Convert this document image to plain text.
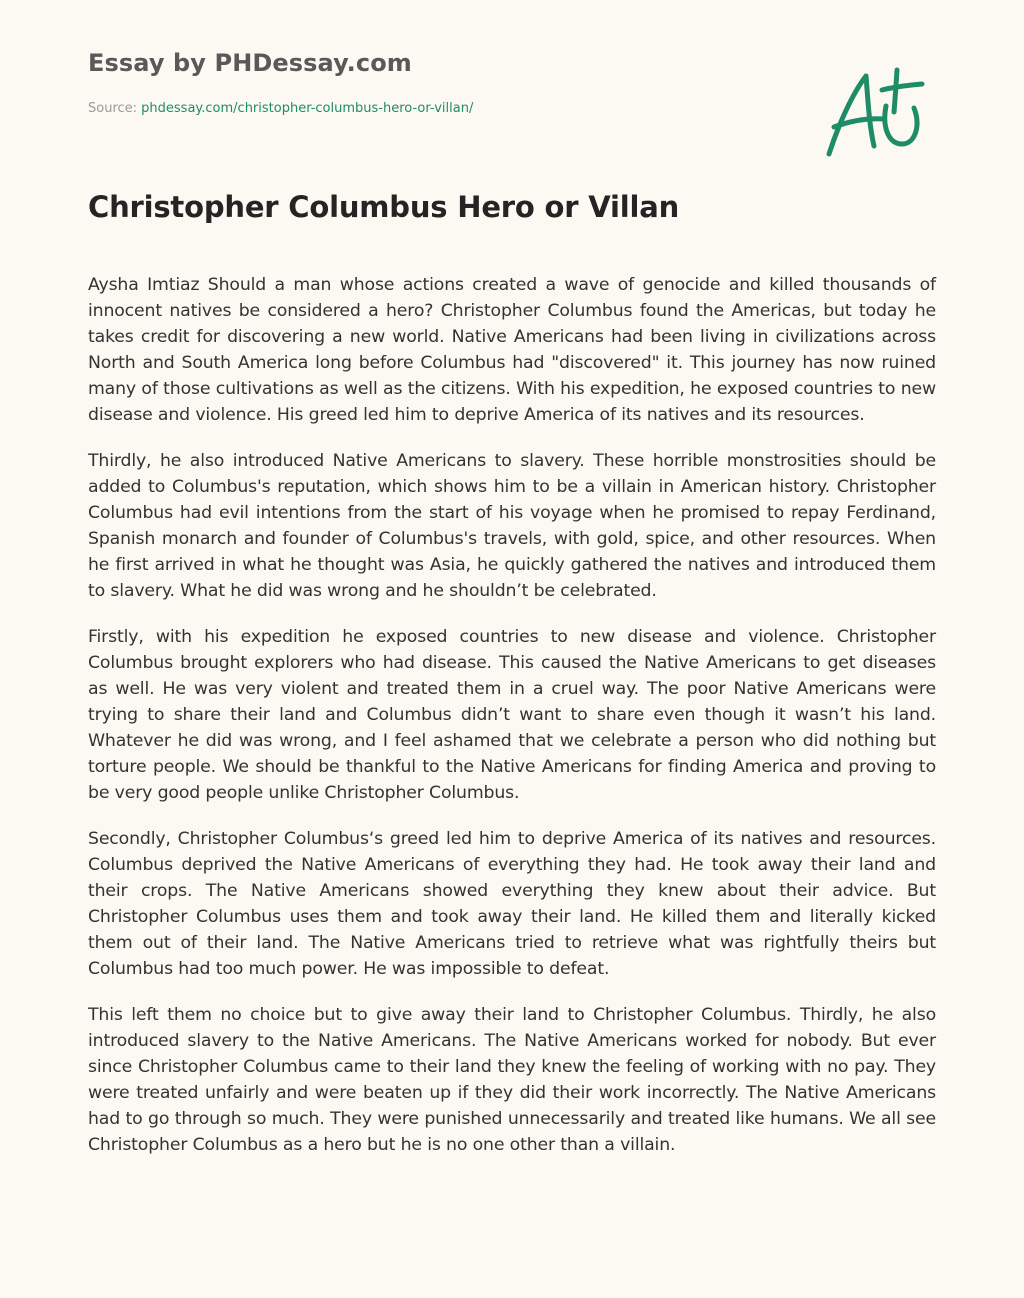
Essay by PHDessay.com
Source: phdessay.com/christopher-columbus-hero-or-villan/
Christopher Columbus Hero or Villan

Aysha Imtiaz Should a man whose actions created a wave of genocide and killed thousands of innocent natives be considered a hero? Christopher Columbus found the Americas, but today he takes credit for discovering a new world. Native Americans had been living in civilizations across North and South America long before Columbus had "discovered" it. This journey has now ruined many of those cultivations as well as the citizens. With his expedition, he exposed countries to new disease and violence. His greed led him to deprive America of its natives and its resources.

Thirdly, he also introduced Native Americans to slavery. These horrible monstrosities should be added to Columbus's reputation, which shows him to be a villain in American history. Christopher Columbus had evil intentions from the start of his voyage when he promised to repay Ferdinand, Spanish monarch and founder of Columbus's travels, with gold, spice, and other resources. When he first arrived in what he thought was Asia, he quickly gathered the natives and introduced them to slavery. What he did was wrong and he shouldn’t be celebrated.

Firstly, with his expedition he exposed countries to new disease and violence. Christopher Columbus brought explorers who had disease. This caused the Native Americans to get diseases as well. He was very violent and treated them in a cruel way. The poor Native Americans were trying to share their land and Columbus didn’t want to share even though it wasn’t his land. Whatever he did was wrong, and I feel ashamed that we celebrate a person who did nothing but torture people. We should be thankful to the Native Americans for finding America and proving to be very good people unlike Christopher Columbus.

Secondly, Christopher Columbus‘s greed led him to deprive America of its natives and resources. Columbus deprived the Native Americans of everything they had. He took away their land and their crops. The Native Americans showed everything they knew about their advice. But Christopher Columbus uses them and took away their land. He killed them and literally kicked them out of their land. The Native Americans tried to retrieve what was rightfully theirs but Columbus had too much power. He was impossible to defeat.

This left them no choice but to give away their land to Christopher Columbus. Thirdly, he also introduced slavery to the Native Americans. The Native Americans worked for nobody. But ever since Christopher Columbus came to their land they knew the feeling of working with no pay. They were treated unfairly and were beaten up if they did their work incorrectly. The Native Americans had to go through so much. They were punished unnecessarily and treated like humans. We all see Christopher Columbus as a hero but he is no one other than a villain.
